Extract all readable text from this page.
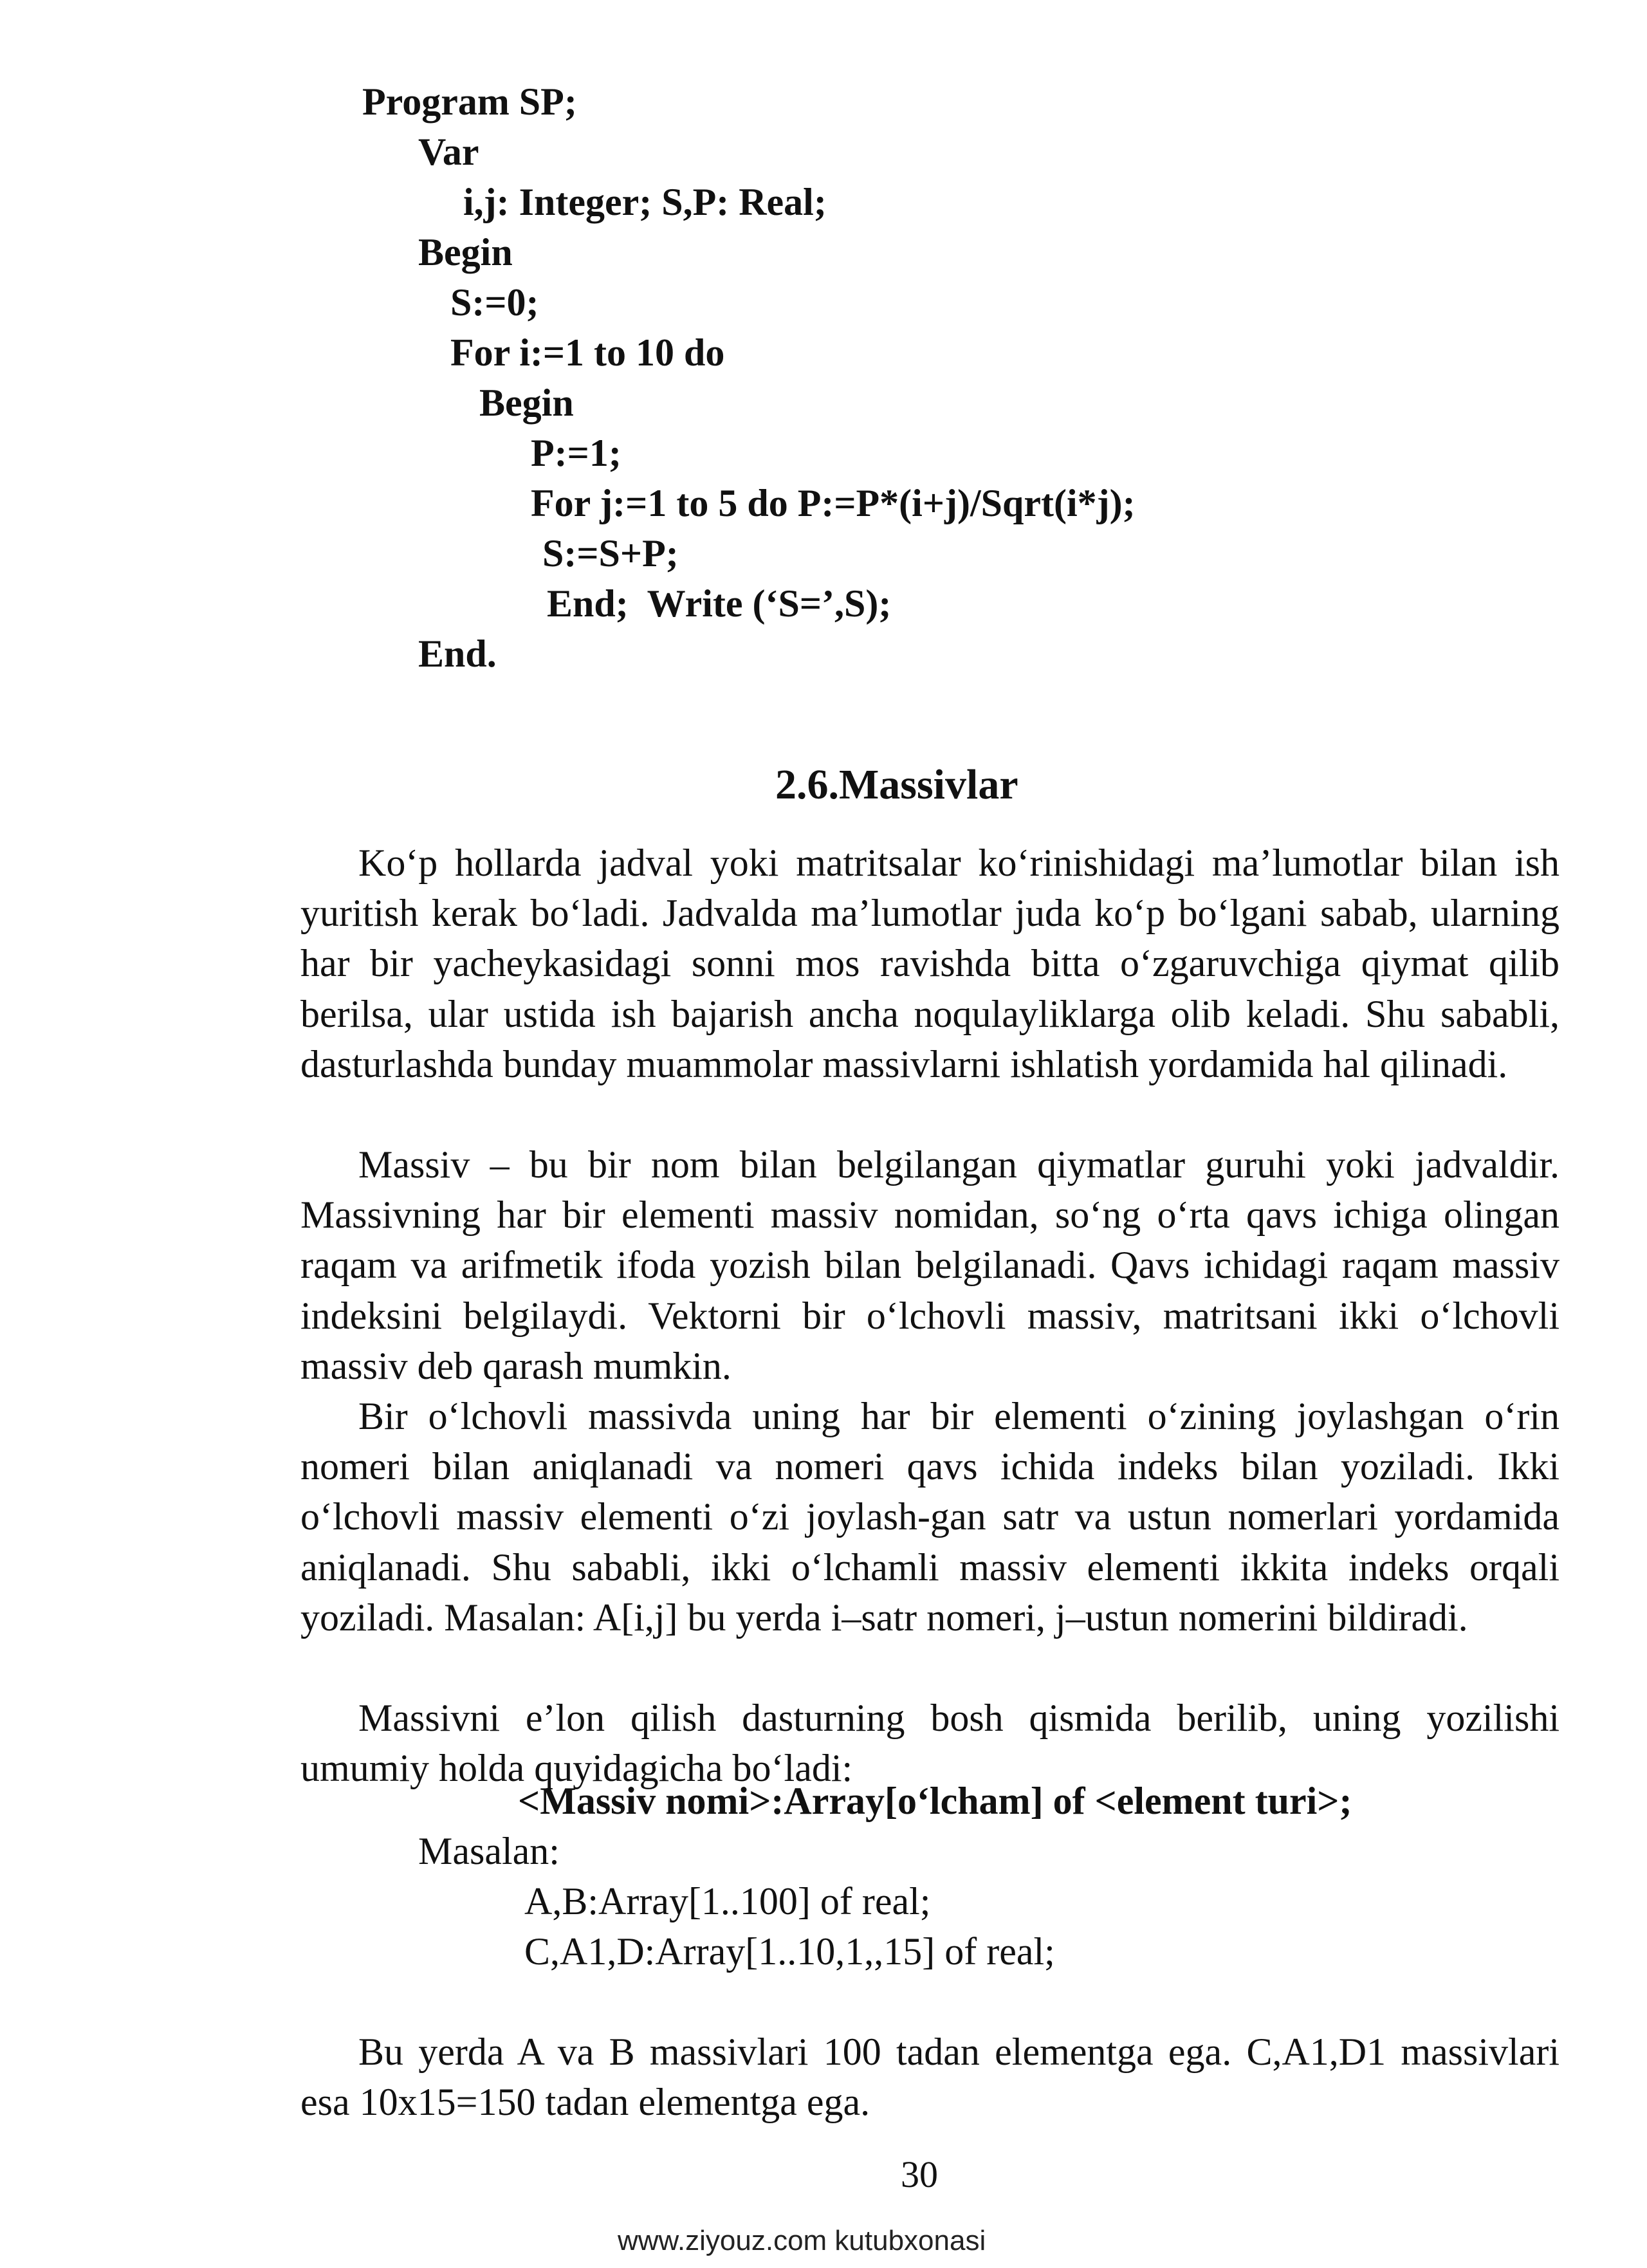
Program SP;
Var
i,j: Integer; S,P: Real;
Begin
S:=0;
For i:=1 to 10 do
Begin
P:=1;
For j:=1 to 5 do P:=P*(i+j)/Sqrt(i*j);
S:=S+P;
End;  Write (‘S=’,S);
End.
2.6.Massivlar

Ko‘p hollarda jadval yoki matritsalar ko‘rinishidagi ma’lumotlar bilan ish yuritish kerak bo‘ladi. Jadvalda ma’lumotlar juda ko‘p bo‘lgani sabab, ularning har bir yacheykasidagi sonni mos ravishda bitta o‘zgaruvchiga qiymat qilib berilsa, ular ustida ish bajarish ancha noqulayliklarga olib keladi. Shu sababli, dasturlashda bunday muammolar massivlarni ishlatish yordamida hal qilinadi.

Massiv – bu bir nom bilan belgilangan qiymatlar guruhi yoki jadvaldir. Massivning har bir elementi massiv nomidan, so‘ng o‘rta qavs ichiga olingan raqam va arifmetik ifoda yozish bilan belgilanadi. Qavs ichidagi raqam massiv indeksini belgilaydi. Vektorni bir o‘lchovli massiv, matritsani ikki o‘lchovli massiv deb qarash mumkin.

Bir o‘lchovli massivda uning har bir elementi o‘zining joylashgan o‘rin nomeri bilan aniqlanadi va nomeri qavs ichida indeks bilan yoziladi. Ikki o‘lchovli massiv elementi o‘zi joylash-gan satr va ustun nomerlari yordamida aniqlanadi. Shu sababli, ikki o‘lchamli massiv elementi ikkita indeks orqali yoziladi. Masalan: A[i,j] bu yerda i–satr nomeri, j–ustun nomerini bildiradi.

Massivni e’lon qilish dasturning bosh qismida berilib, uning yozilishi umumiy holda quyidagicha bo‘ladi:

<Massiv nomi>:Array[o‘lcham] of <element turi>;
Masalan:
A,B:Array[1..100] of real;
C,A1,D:Array[1..10,1,,15] of real;

Bu yerda A va B massivlari 100 tadan elementga ega. C,A1,D1 massivlari esa 10x15=150 tadan elementga ega.

30
www.ziyouz.com kutubxonasi
